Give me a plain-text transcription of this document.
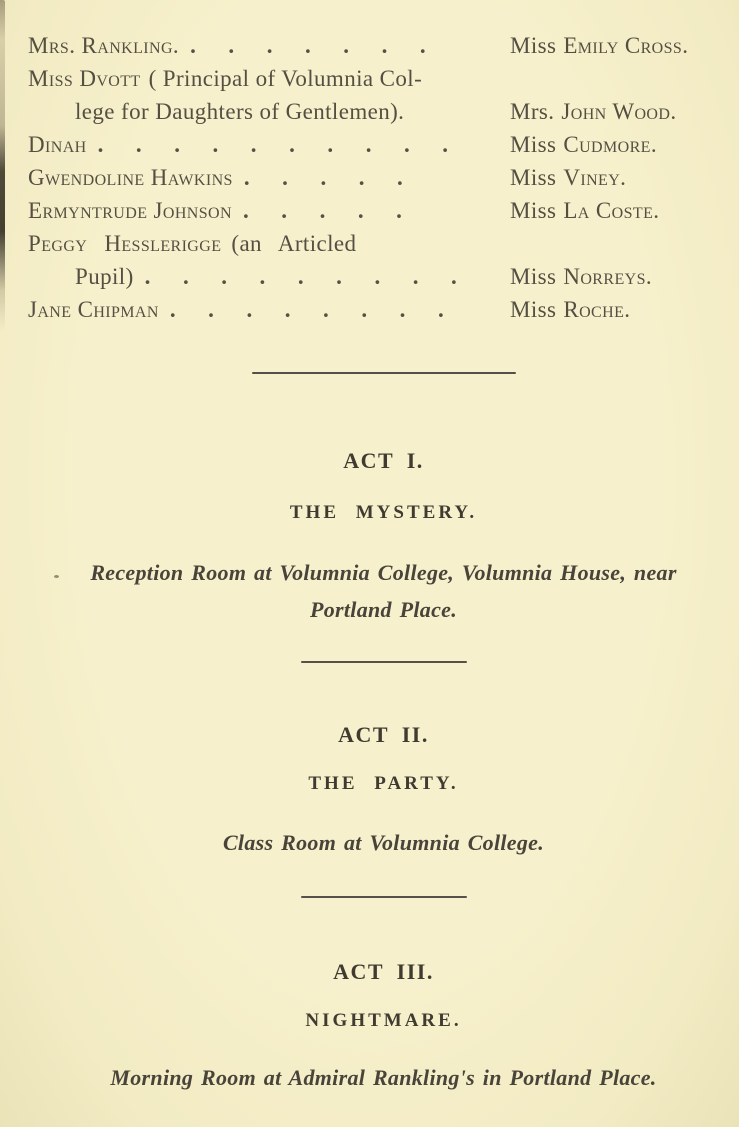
Mrs. Rankling. . . . . . . .	Miss Emily Cross.
Miss Dvott ( Principal of Volumnia Col-
lege for Daughters of Gentlemen).	Mrs. John Wood.
Dinah . . . . . . . . . .	Miss Cudmore.
Gwendoline Hawkins . . . . .	Miss Viney.
Ermyntrude Johnson . . . . .	Miss La Coste.
Peggy Hesslerigge (an Articled
Pupil) . . . . . . . . .	Miss Norreys.
Jane Chipman . . . . . . . .	Miss Roche.
ACT I.
THE MYSTERY.

Reception Room at Volumnia College, Volumnia House, near Portland Place.

ACT II.
THE PARTY.

Class Room at Volumnia College.

ACT III.
NIGHTMARE.

Morning Room at Admiral Rankling's in Portland Place.
